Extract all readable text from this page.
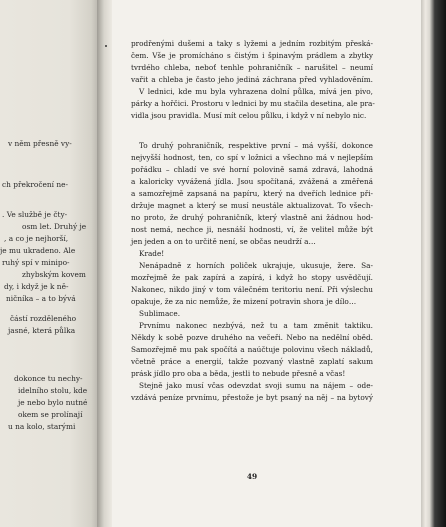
v něm přesně vy-

ch překročení ne-

. Ve službě je čty-

osm let. Druhý je

, a co je nejhorší,

je mu ukradeno. Ale

ruhý spí v minipo-

zhybským kovem

dy, i když je k ně-

ničníka – a to bývá

částí rozděleného

jasné, která půlka

dokonce tu nechy-

idelního stolu, kde

je nebo bylo nutné

okem se prolínají

u na kolo, starými

prodřenými dušemi a taky s lyžemi a jedním rozbitým přeská-

čem. Vše je promícháno s čistým i špinavým prádlem a zbytky

tvrdého chleba, neboť tenhle pohraničník – narušitel – neumí

vařit a chleba je často jeho jediná záchrana před vyhladověním.

V lednici, kde mu byla vyhrazena dolní půlka, mívá jen pivo,

párky a hořčici. Prostoru v lednici by mu stačila desetina, ale pra-

vidla jsou pravidla. Musí mít celou půlku, i když v ní nebylo nic.

To druhý pohraničník, respektive první – má vyšší, dokonce

nejvyšší hodnost, ten, co spí v ložnici a všechno má v nejlepším

pořádku – chladí ve své horní polovině samá zdravá, lahodná

a kaloricky vyvážená jídla. Jsou spočítaná, zvážená a změřená

a samozřejmě zapsaná na papíru, který na dveřích lednice při-

držuje magnet a který se musí neustále aktualizovat. To všech-

no proto, že druhý pohraničník, který vlastně ani žádnou hod-

nost nemá, nechce ji, nesnáší hodnosti, ví, že velitel může být

jen jeden a on to určitě není, se občas neudrží a…

Krade!

Nenápadně z horních poliček ukrajuje, ukusuje, žere. Sa-

mozřejmě že pak zapírá a zapírá, i když ho stopy usvědčují.

Nakonec, nikdo jiný v tom válečném teritoriu není. Při výslechu

opakuje, že za nic nemůže, že mizení potravin shora je dílo…

Sublimace.

Prvnímu nakonec nezbývá, než tu a tam změnit taktiku.

Někdy k sobě pozve druhého na večeři. Nebo na nedělní oběd.

Samozřejmě mu pak spočítá a naúčtuje polovinu všech nákladů,

včetně práce a energií, takže pozvaný vlastně zaplatí sakum

prásk jídlo pro oba a běda, jestli to nebude přesně a včas!

Stejně jako musí včas odevzdat svoji sumu na nájem – ode-

vzdává peníze prvnímu, přestože je byt psaný na něj – na bytový

49
